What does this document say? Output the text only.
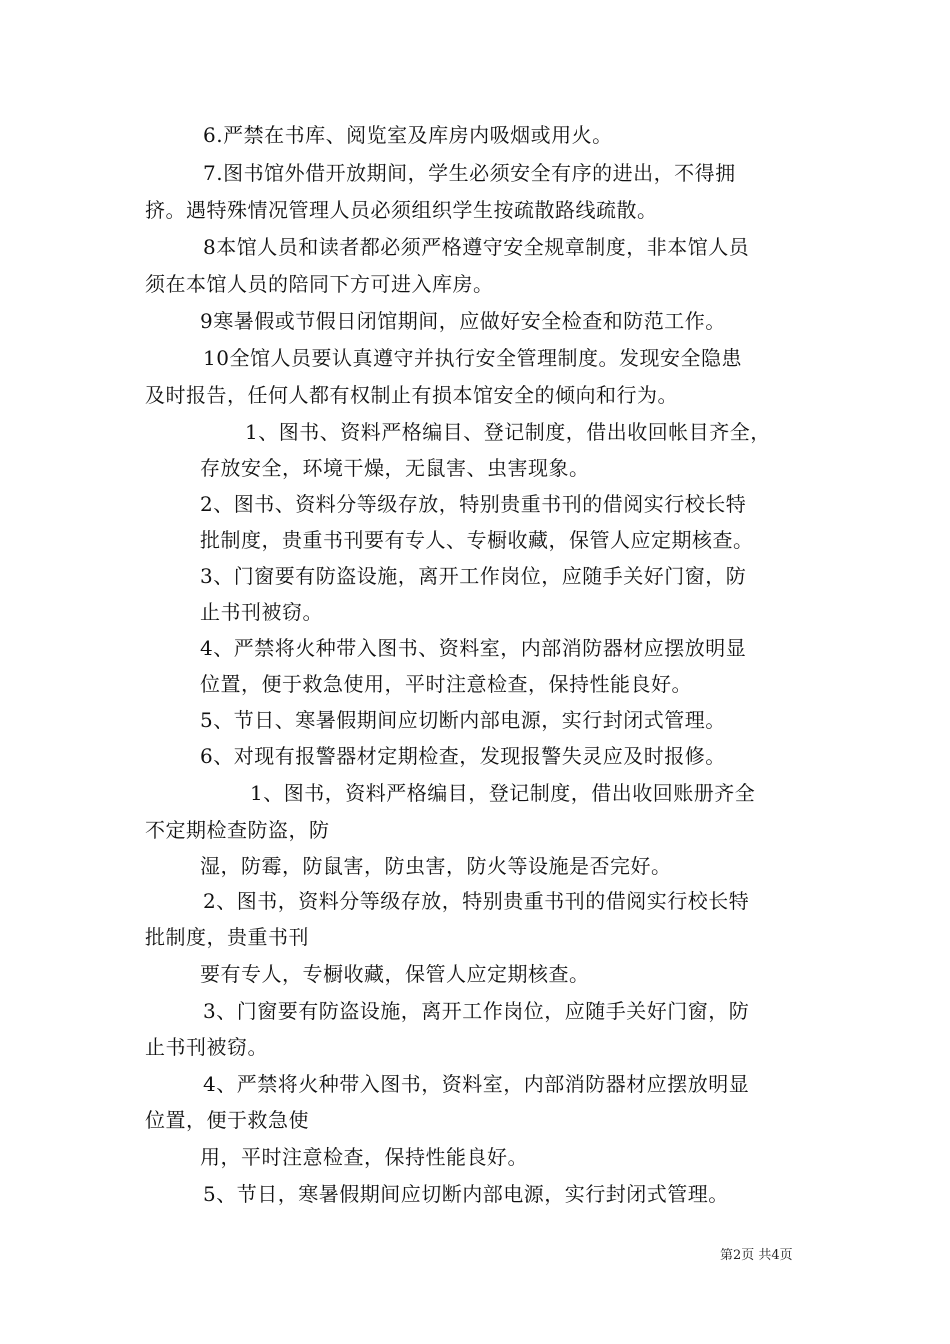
6.严禁在书库、阅览室及库房内吸烟或用火。
7.图书馆外借开放期间，学生必须安全有序的进出，不得拥
挤。遇特殊情况管理人员必须组织学生按疏散路线疏散。
8本馆人员和读者都必须严格遵守安全规章制度，非本馆人员
须在本馆人员的陪同下方可进入库房。
9寒暑假或节假日闭馆期间，应做好安全检查和防范工作。
10全馆人员要认真遵守并执行安全管理制度。发现安全隐患
及时报告，任何人都有权制止有损本馆安全的倾向和行为。
1、图书、资料严格编目、登记制度，借出收回帐目齐全，
存放安全，环境干燥，无鼠害、虫害现象。
2、图书、资料分等级存放，特别贵重书刊的借阅实行校长特
批制度，贵重书刊要有专人、专橱收藏，保管人应定期核查。
3、门窗要有防盗设施，离开工作岗位，应随手关好门窗，防
止书刊被窃。
4、严禁将火种带入图书、资料室，内部消防器材应摆放明显
位置，便于救急使用，平时注意检查，保持性能良好。
5、节日、寒暑假期间应切断内部电源，实行封闭式管理。
6、对现有报警器材定期检查，发现报警失灵应及时报修。
1、图书，资料严格编目，登记制度，借出收回账册齐全
不定期检查防盗，防
湿，防霉，防鼠害，防虫害，防火等设施是否完好。
2、图书，资料分等级存放，特别贵重书刊的借阅实行校长特
批制度，贵重书刊
要有专人，专橱收藏，保管人应定期核查。
3、门窗要有防盗设施，离开工作岗位，应随手关好门窗，防
止书刊被窃。
4、严禁将火种带入图书，资料室，内部消防器材应摆放明显
位置，便于救急使
用，平时注意检查，保持性能良好。
5、节日，寒暑假期间应切断内部电源，实行封闭式管理。
第2页 共4页
